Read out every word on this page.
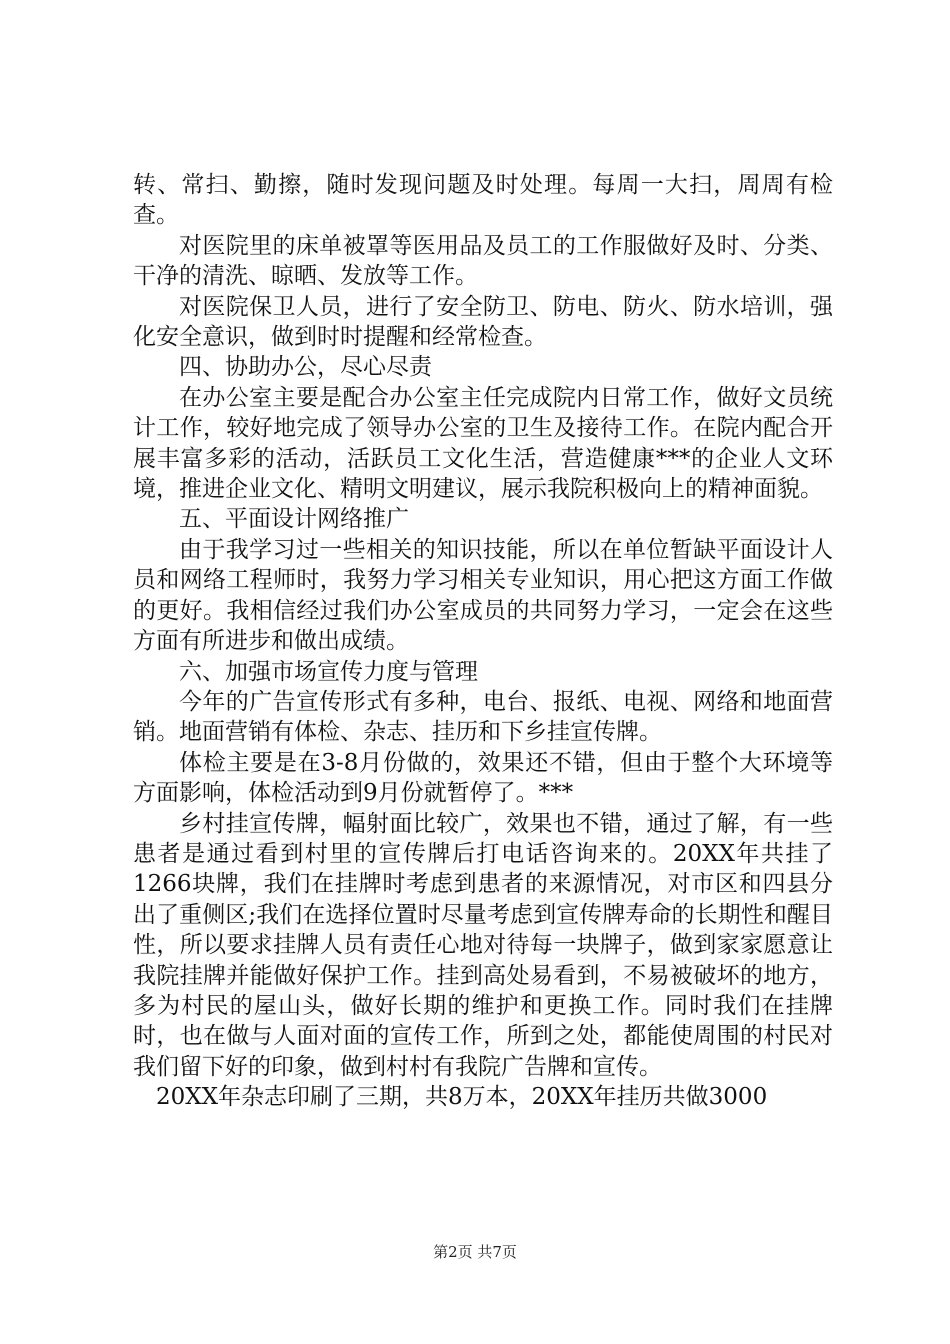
转、常扫、勤擦，随时发现问题及时处理。每周一大扫，周周有检查。

对医院里的床单被罩等医用品及员工的工作服做好及时、分类、干净的清洗、晾晒、发放等工作。

对医院保卫人员，进行了安全防卫、防电、防火、防水培训，强化安全意识，做到时时提醒和经常检查。

四、协助办公，尽心尽责

在办公室主要是配合办公室主任完成院内日常工作，做好文员统计工作，较好地完成了领导办公室的卫生及接待工作。在院内配合开展丰富多彩的活动，活跃员工文化生活，营造健康***的企业人文环境，推进企业文化、精明文明建议，展示我院积极向上的精神面貌。

五、平面设计网络推广

由于我学习过一些相关的知识技能，所以在单位暂缺平面设计人员和网络工程师时，我努力学习相关专业知识，用心把这方面工作做的更好。我相信经过我们办公室成员的共同努力学习，一定会在这些方面有所进步和做出成绩。

六、加强市场宣传力度与管理

今年的广告宣传形式有多种，电台、报纸、电视、网络和地面营销。地面营销有体检、杂志、挂历和下乡挂宣传牌。

体检主要是在3-8月份做的，效果还不错，但由于整个大环境等方面影响，体检活动到9月份就暂停了。***

乡村挂宣传牌，幅射面比较广，效果也不错，通过了解，有一些患者是通过看到村里的宣传牌后打电话咨询来的。20XX年共挂了1266块牌，我们在挂牌时考虑到患者的来源情况，对市区和四县分出了重侧区;我们在选择位置时尽量考虑到宣传牌寿命的长期性和醒目性，所以要求挂牌人员有责任心地对待每一块牌子，做到家家愿意让我院挂牌并能做好保护工作。挂到高处易看到，不易被破坏的地方，多为村民的屋山头，做好长期的维护和更换工作。同时我们在挂牌时，也在做与人面对面的宣传工作，所到之处，都能使周围的村民对我们留下好的印象，做到村村有我院广告牌和宣传。

20XX年杂志印刷了三期，共8万本，20XX年挂历共做3000

第2页 共7页
